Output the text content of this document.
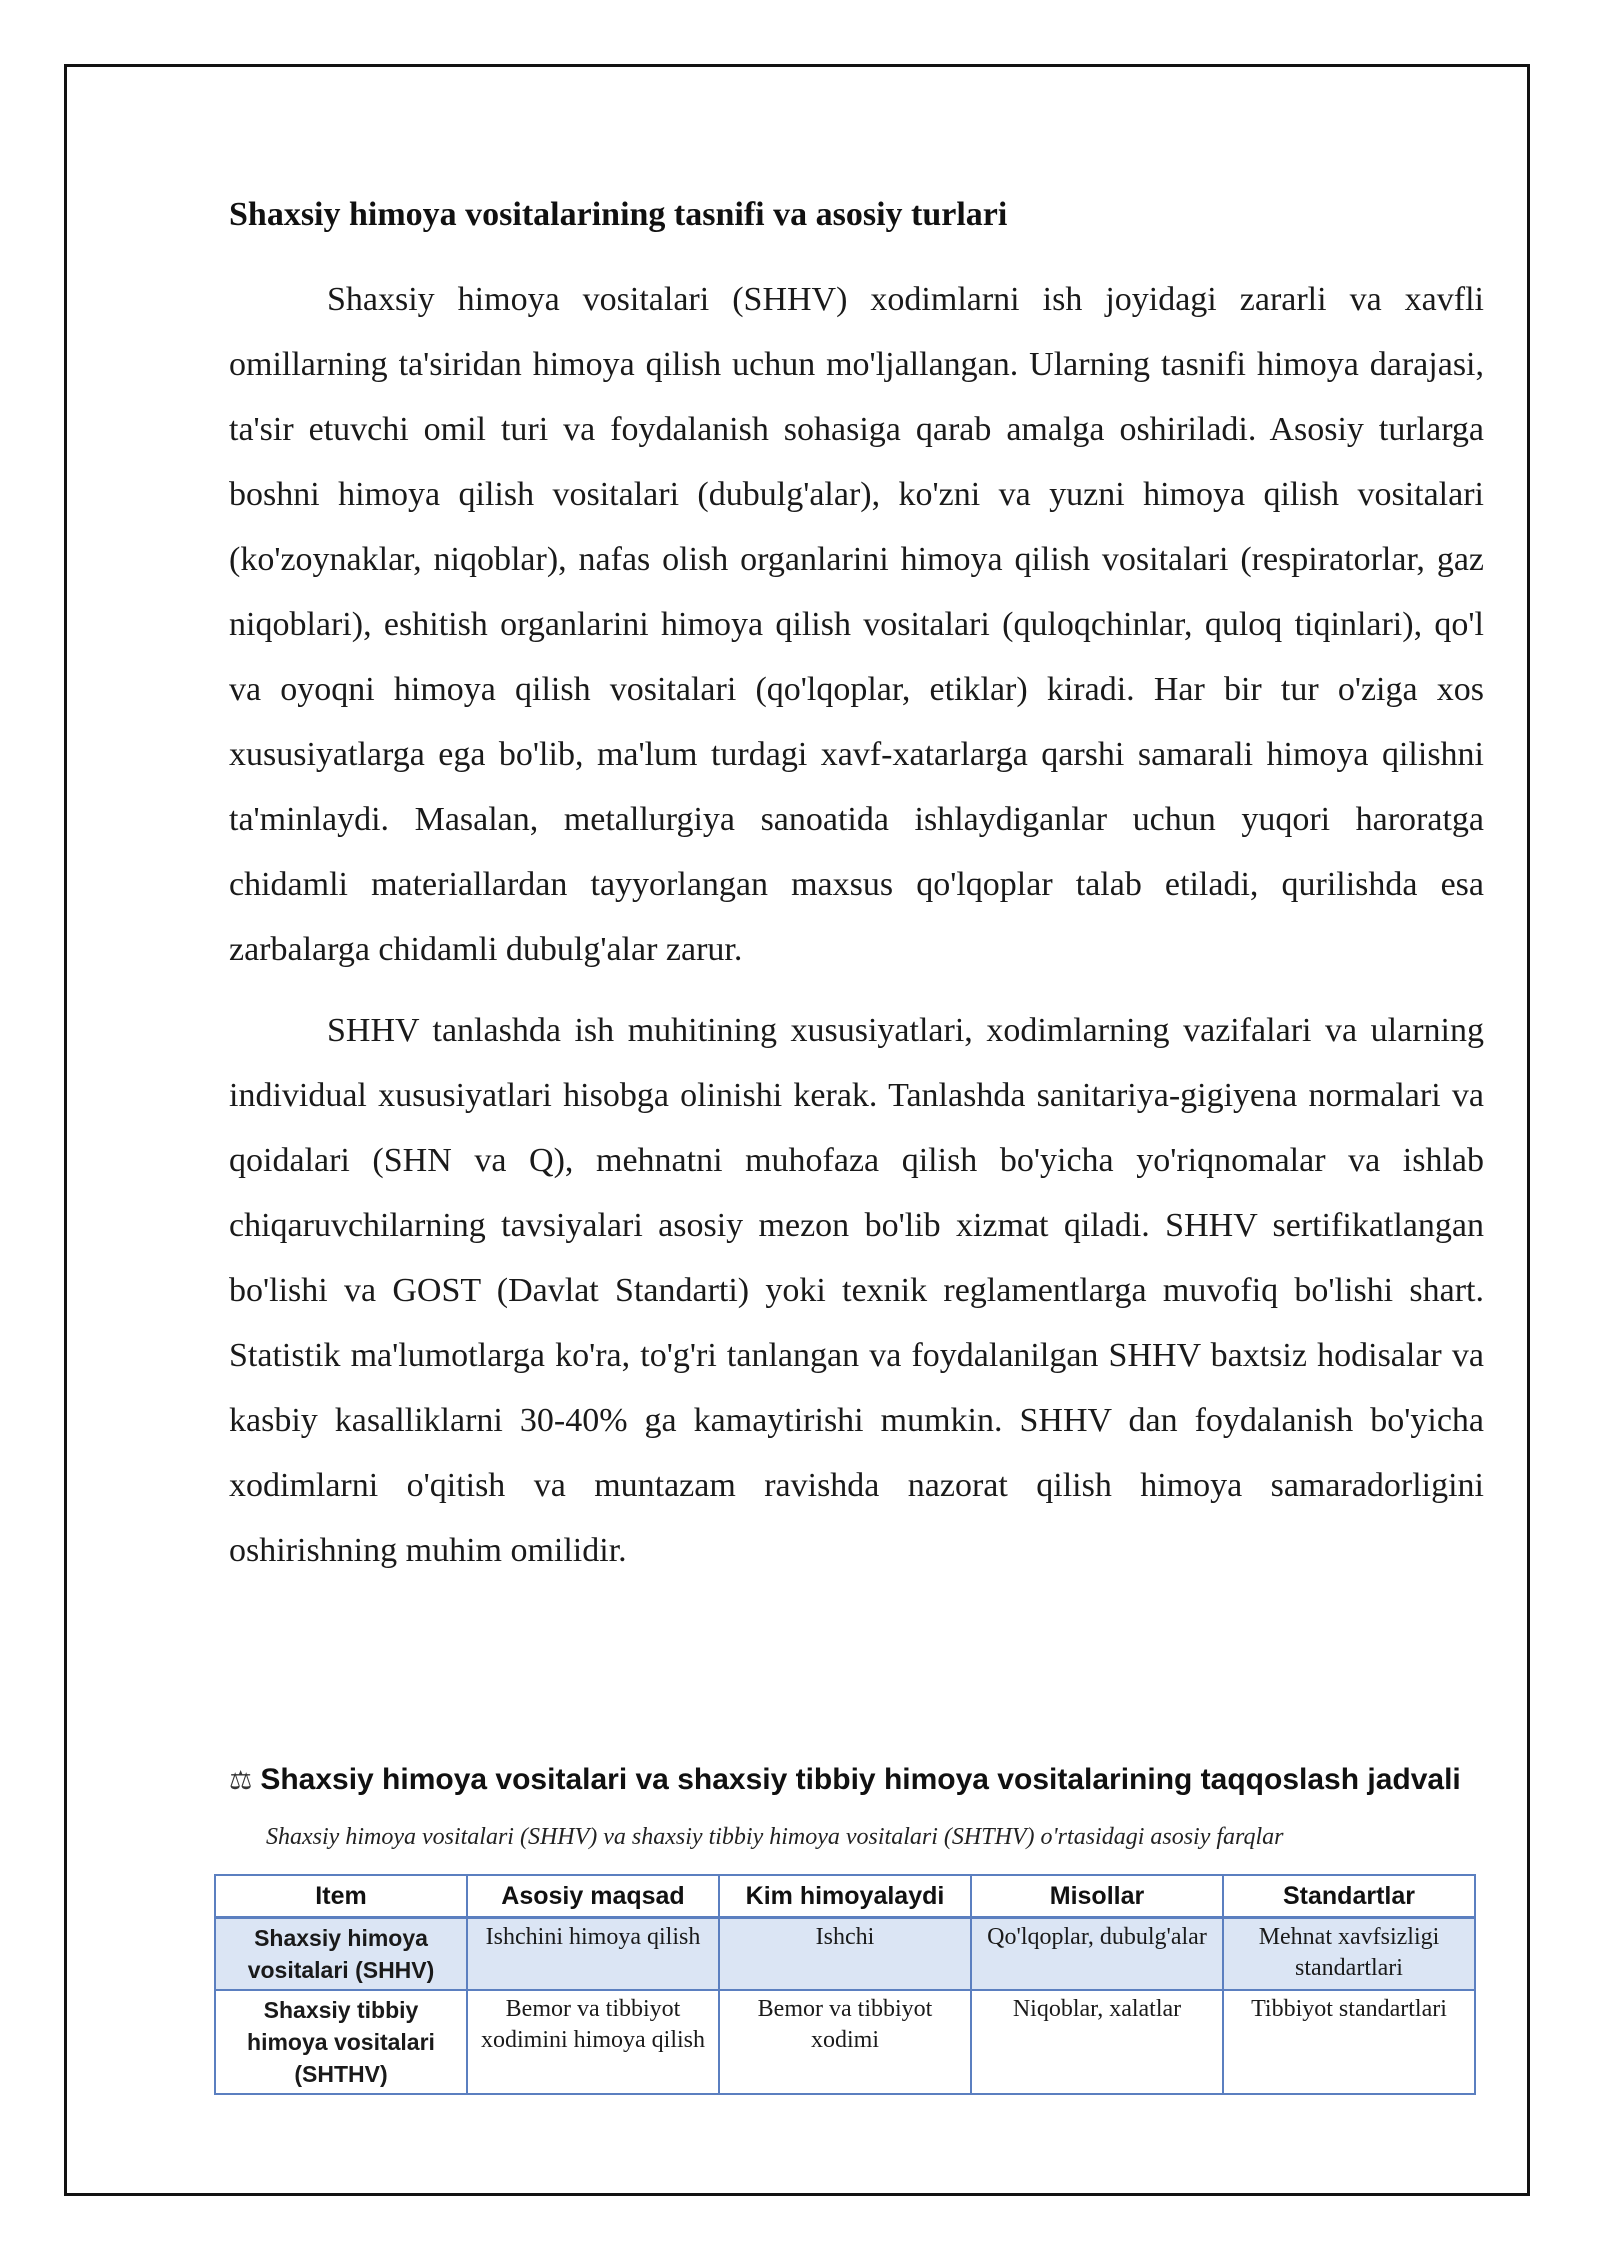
Shaxsiy himoya vositalarining tasnifi va asosiy turlari

Shaxsiy himoya vositalari (SHHV) xodimlarni ish joyidagi zararli va xavfli omillarning ta'siridan himoya qilish uchun mo'ljallangan. Ularning tasnifi himoya darajasi, ta'sir etuvchi omil turi va foydalanish sohasiga qarab amalga oshiriladi. Asosiy turlarga boshni himoya qilish vositalari (dubulg'alar), ko'zni va yuzni himoya qilish vositalari (ko'zoynaklar, niqoblar), nafas olish organlarini himoya qilish vositalari (respiratorlar, gaz niqoblari), eshitish organlarini himoya qilish vositalari (quloqchinlar, quloq tiqinlari), qo'l va oyoqni himoya qilish vositalari (qo'lqoplar, etiklar) kiradi. Har bir tur o'ziga xos xususiyatlarga ega bo'lib, ma'lum turdagi xavf-xatarlarga qarshi samarali himoya qilishni ta'minlaydi. Masalan, metallurgiya sanoatida ishlaydiganlar uchun yuqori haroratga chidamli materiallardan tayyorlangan maxsus qo'lqoplar talab etiladi, qurilishda esa zarbalarga chidamli dubulg'alar zarur.

SHHV tanlashda ish muhitining xususiyatlari, xodimlarning vazifalari va ularning individual xususiyatlari hisobga olinishi kerak. Tanlashda sanitariya-gigiyena normalari va qoidalari (SHN va Q), mehnatni muhofaza qilish bo'yicha yo'riqnomalar va ishlab chiqaruvchilarning tavsiyalari asosiy mezon bo'lib xizmat qiladi. SHHV sertifikatlangan bo'lishi va GOST (Davlat Standarti) yoki texnik reglamentlarga muvofiq bo'lishi shart. Statistik ma'lumotlarga ko'ra, to'g'ri tanlangan va foydalanilgan SHHV baxtsiz hodisalar va kasbiy kasalliklarni 30-40% ga kamaytirishi mumkin. SHHV dan foydalanish bo'yicha xodimlarni o'qitish va muntazam ravishda nazorat qilish himoya samaradorligini oshirishning muhim omilidir.

⚖ Shaxsiy himoya vositalari va shaxsiy tibbiy himoya vositalarining taqqoslash jadvali
Shaxsiy himoya vositalari (SHHV) va shaxsiy tibbiy himoya vositalari (SHTHV) o'rtasidagi asosiy farqlar
Item	Asosiy maqsad	Kim himoyalaydi	Misollar	Standartlar
Shaxsiy himoya vositalari (SHHV)	Ishchini himoya qilish	Ishchi	Qo'lqoplar, dubulg'alar	Mehnat xavfsizligi standartlari
Shaxsiy tibbiy himoya vositalari (SHTHV)	Bemor va tibbiyot xodimini himoya qilish	Bemor va tibbiyot xodimi	Niqoblar, xalatlar	Tibbiyot standartlari
